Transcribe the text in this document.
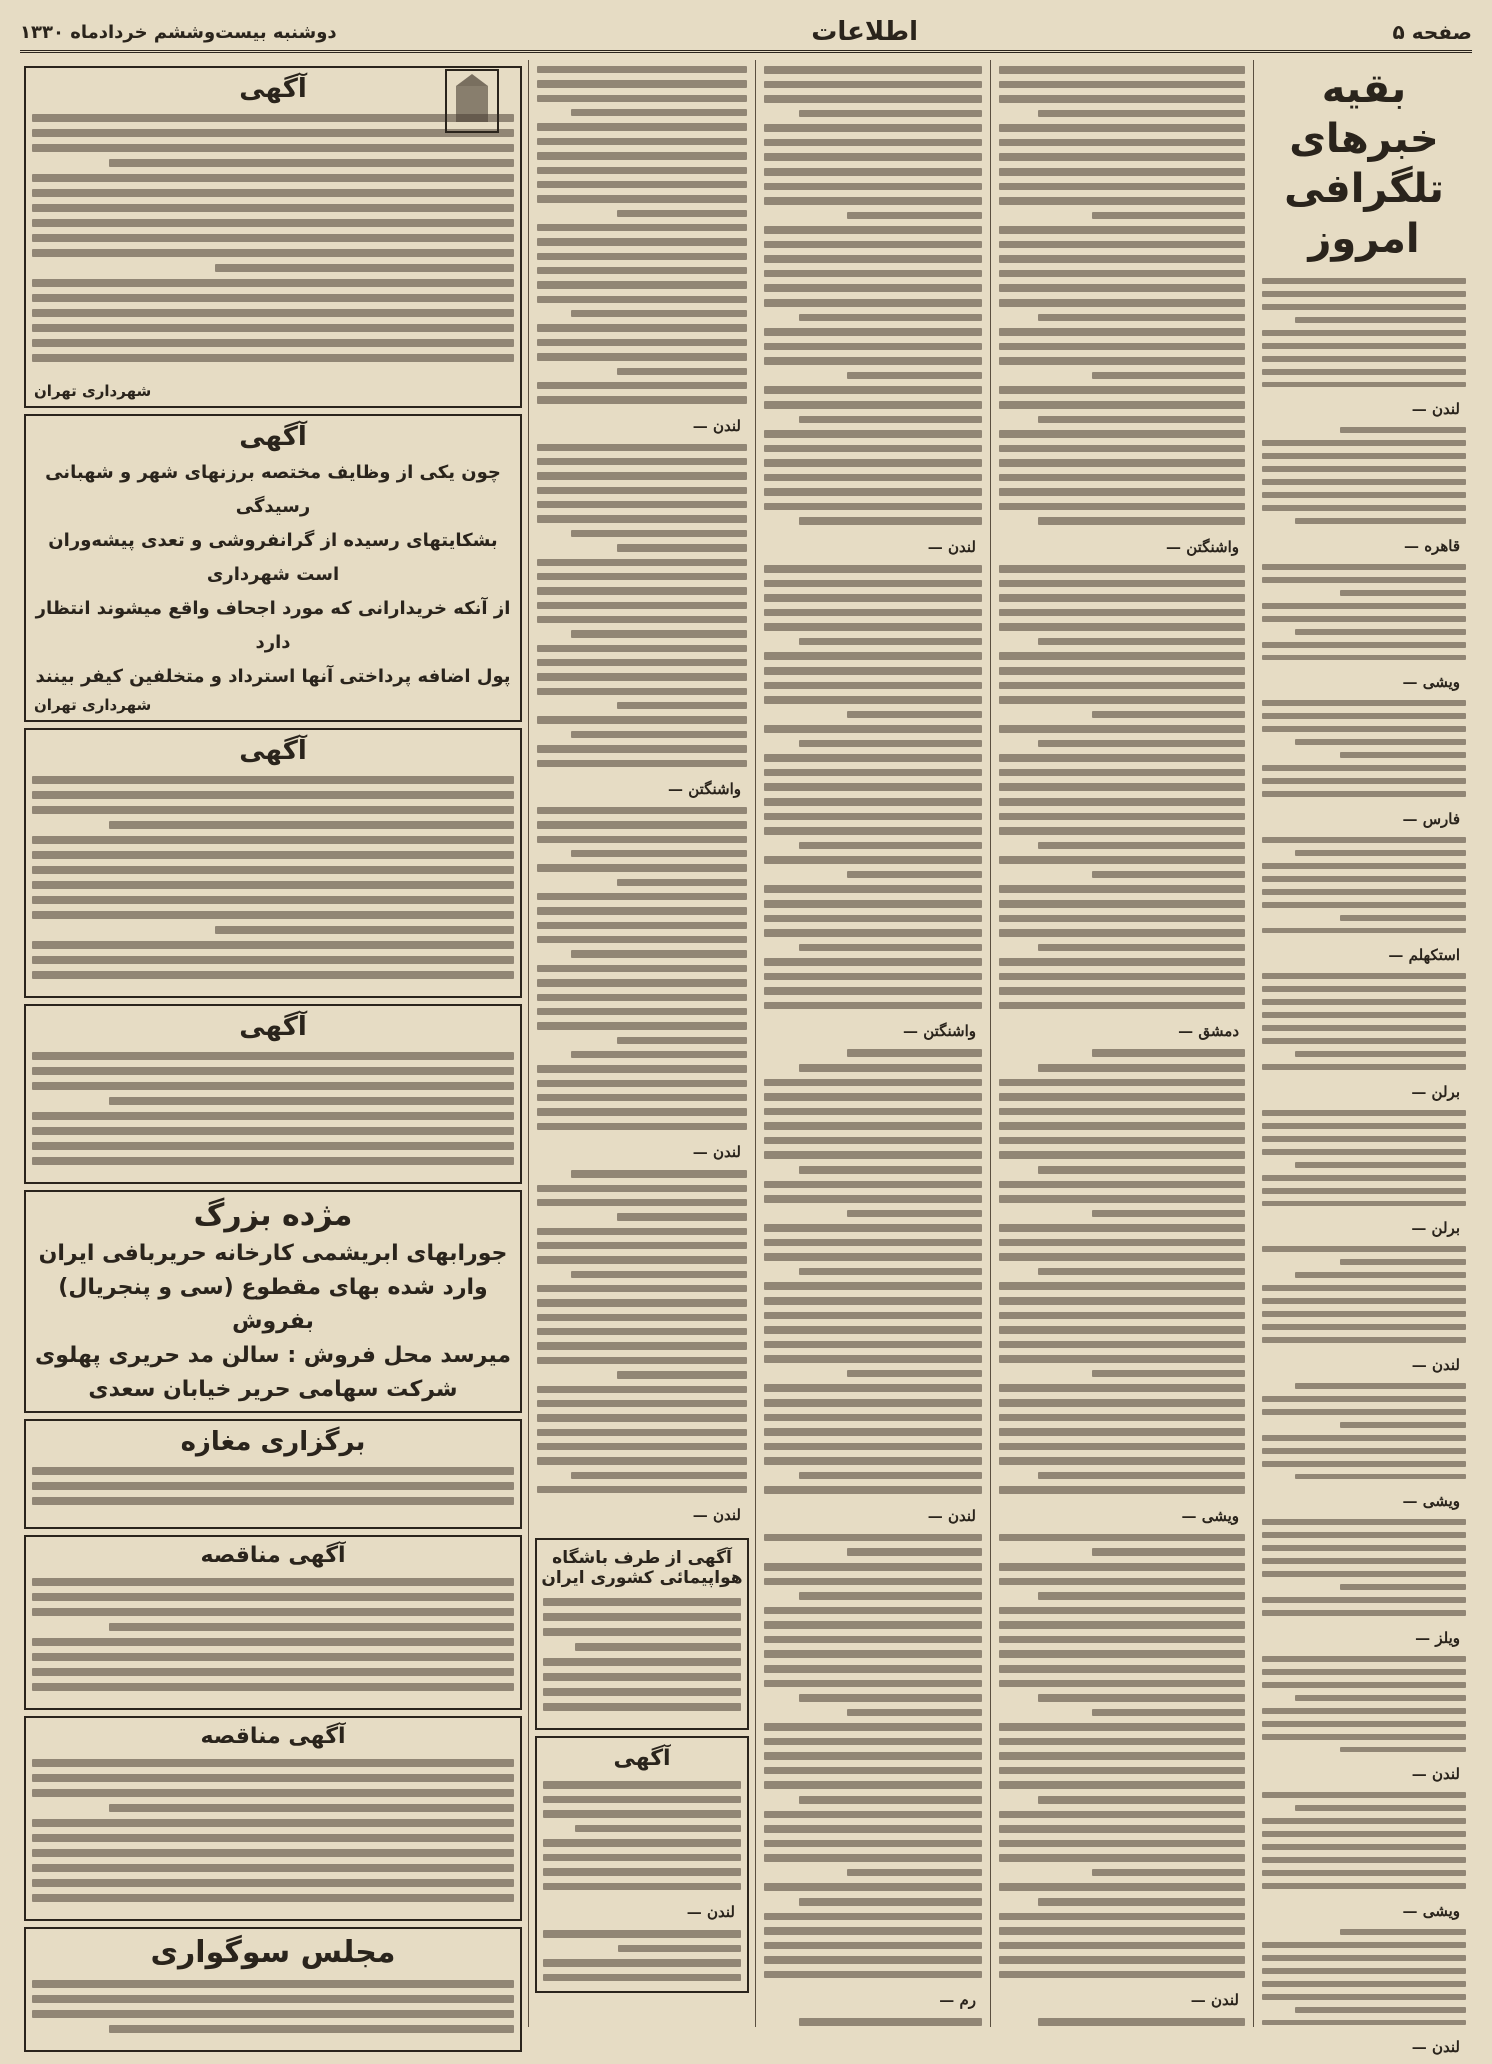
صفحه ۵
اطلاعات
دوشنبه بیست‌وششم خردادماه ۱۳۳۰
بقیه خبرهای تلگرافی امروز
لندن —
قاهره —
ویشی —
فارس —
استکهلم —
برلن —
برلن —
لندن —
ویشی —
ویلز —
لندن —
ویشی —
لندن —
واشنگتن —
دمشق —
ویشی —
لندن —
لندن —
واشنگتن —
لندن —
رم —
لندن —
واشنگتن —
لندن —
لندن —
آگهی از طرف باشگاه هواپیمائی کشوری ایران
آگهی
لندن —
آگهی
شهرداری تهران
آگهی
چون یکی از وظایف مختصه برزنهای شهر و شهبانی رسیدگی
بشکایتهای رسیده از گرانفروشی و تعدی پیشه‌وران است شهرداری
از آنکه خریدارانی که مورد اجحاف واقع میشوند انتظار دارد
پول اضافه پرداختی آنها استرداد و متخلفین کیفر بینند
شهرداری تهران
آگهی
آگهی
مژده بزرگ
جورابهای ابریشمی کارخانه حریربافی ایران
وارد شده بهای مقطوع (سی و پنجریال) بفروش
میرسد محل فروش : سالن مد حریری پهلوی
شرکت سهامی حریر خیابان سعدی
برگزاری مغازه
آگهی مناقصه
آگهی مناقصه
مجلس سوگواری
